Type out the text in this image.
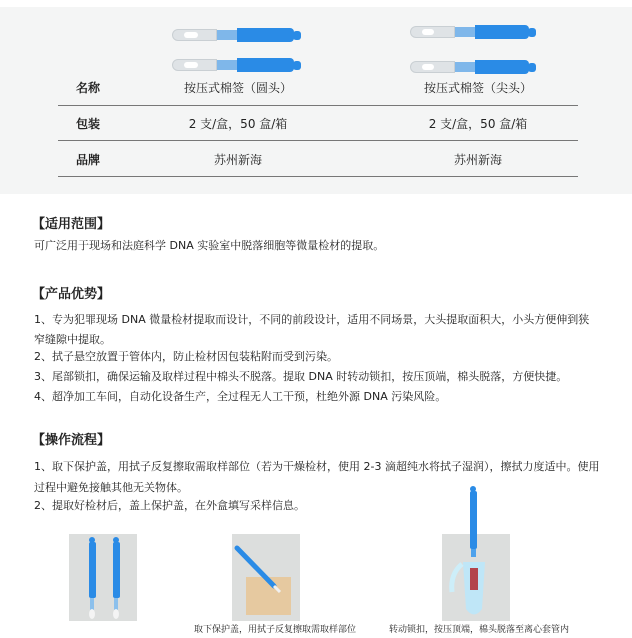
名称	按压式棉签（圆头）	按压式棉签（尖头）
包装	2 支/盒，50 盒/箱	2 支/盒，50 盒/箱
品牌	苏州新海	苏州新海
【适用范围】
可广泛用于现场和法庭科学 DNA 实验室中脱落细胞等微量检材的提取。
【产品优势】
1、专为犯罪现场 DNA 微量检材提取而设计，不同的前段设计，适用不同场景，大头提取面积大，小头方便伸到狭窄缝隙中提取。
2、拭子悬空放置于管体内，防止检材因包装粘附而受到污染。
3、尾部锁扣，确保运输及取样过程中棉头不脱落。提取 DNA 时转动锁扣，按压顶端，棉头脱落，方便快捷。
4、超净加工车间，自动化设备生产，全过程无人工干预，杜绝外源 DNA 污染风险。
【操作流程】
1、取下保护盖，用拭子反复擦取需取样部位（若为干燥检材，使用 2-3 滴超纯水将拭子湿润），擦拭力度适中。使用过程中避免接触其他无关物体。
2、提取好检材后，盖上保护盖，在外盒填写采样信息。
取下保护盖，用拭子反复擦取需取样部位	转动锁扣，按压顶端，棉头脱落至离心套管内
